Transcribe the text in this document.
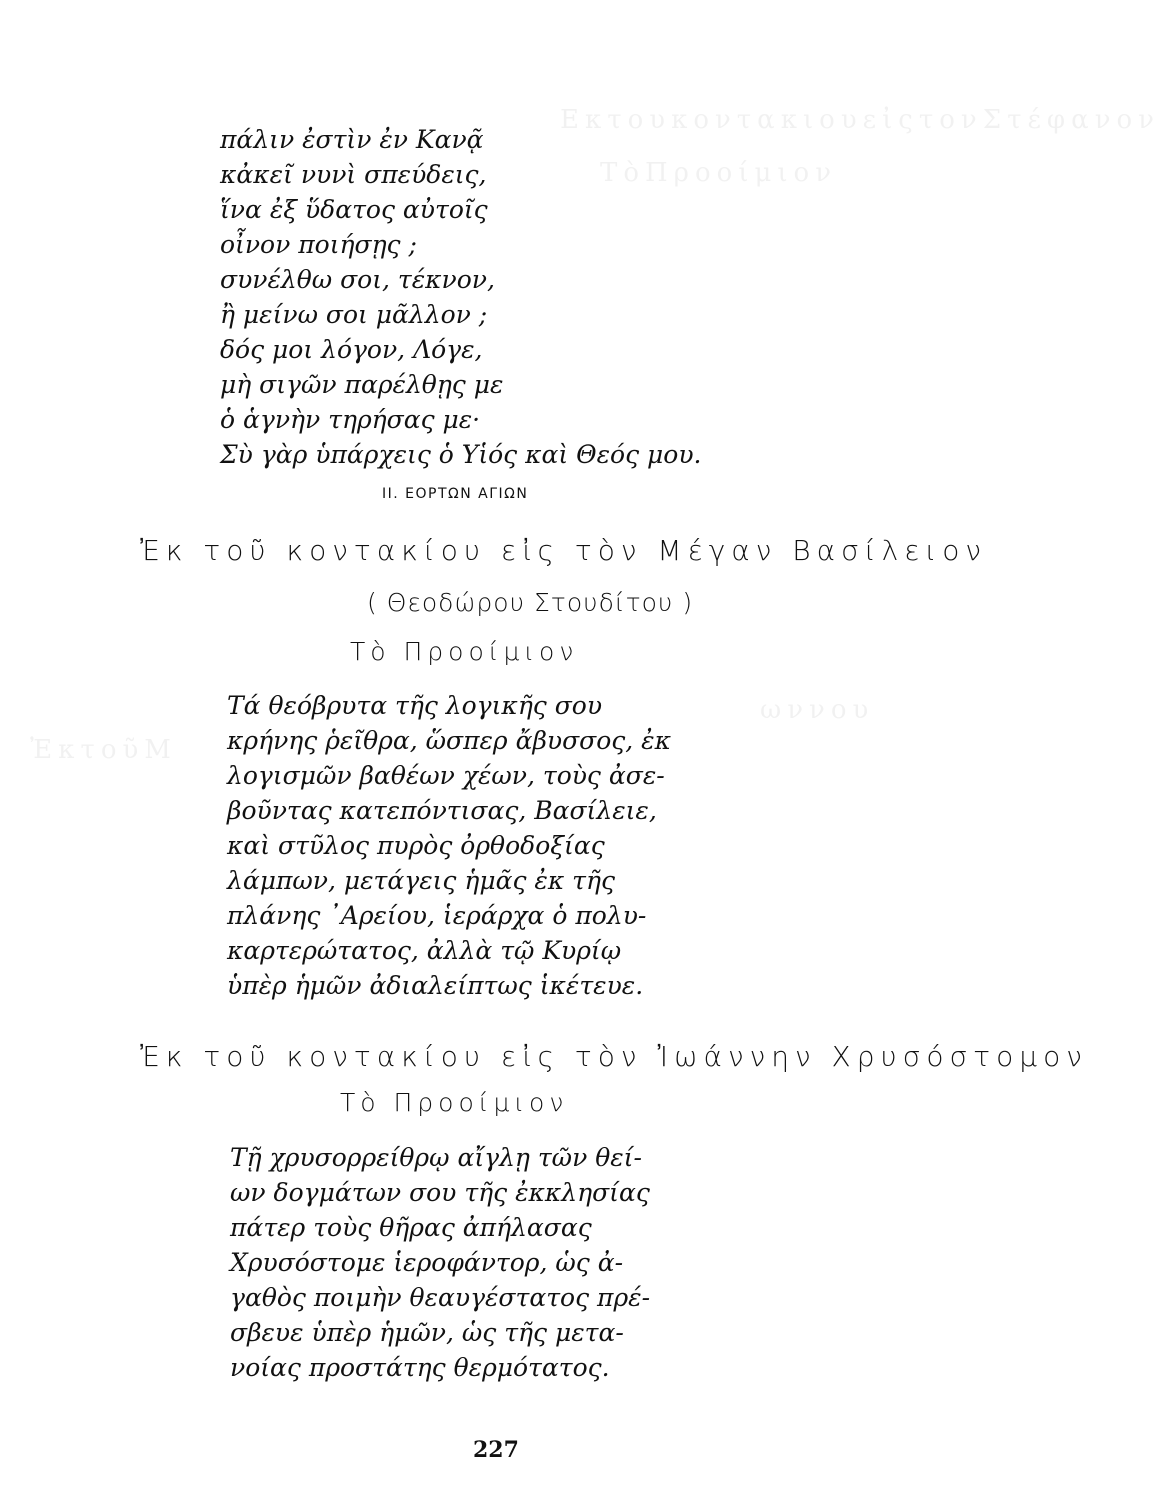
ΕκτουκοντακιουεἰςτονΣτέφανον
ΤὸΠροοίμιον
ωννου
ἘκτοῦΜ
πάλιν ἐστὶν ἐν Κανᾷ
κἀκεῖ νυνὶ σπεύδεις,
ἵνα ἐξ ὕδατος αὐτοῖς
οἶνον ποιήσῃς ;
συνέλθω σοι, τέκνον,
ἢ μείνω σοι μᾶλλον ;
δός μοι λόγον, Λόγε,
μὴ σιγῶν παρέλθῃς με
ὁ ἁγνὴν τηρήσας με·
Σὺ γὰρ ὑπάρχεις ὁ Υἱός καὶ Θεός μου.
II. ΕΟΡΤΩΝ ΑΓΙΩΝ
Ἐκ τοῦ κοντακίου εἰς τὸν Μέγαν Βασίλειον
( Θεοδώρου Στουδίτου )
Τὸ Προοίμιον
Τά θεόβρυτα τῆς λογικῆς σου
κρήνης ῥεῖθρα, ὥσπερ ἄβυσσος, ἐκ
λογισμῶν βαθέων χέων, τοὺς ἀσε-
βοῦντας κατεπόντισας, Βασίλειε,
καὶ στῦλος πυρὸς ὀρθοδοξίας
λάμπων, μετάγεις ἡμᾶς ἐκ τῆς
πλάνης ᾿Αρείου, ἱεράρχα ὁ πολυ-
καρτερώτατος, ἀλλὰ τῷ Κυρίῳ
ὑπὲρ ἡμῶν ἀδιαλείπτως ἱκέτευε.
Ἐκ τοῦ κοντακίου εἰς τὸν Ἰωάννην Χρυσόστομον
Τὸ Προοίμιον
Τῇ χρυσορρείθρῳ αἴγλῃ τῶν θεί-
ων δογμάτων σου τῆς ἐκκλησίας
πάτερ τοὺς θῆρας ἀπήλασας
Χρυσόστομε ἱεροφάντορ, ὡς ἀ-
γαθὸς ποιμὴν θεαυγέστατος πρέ-
σβευε ὑπὲρ ἡμῶν, ὡς τῆς μετα-
νοίας προστάτης θερμότατος.
227
